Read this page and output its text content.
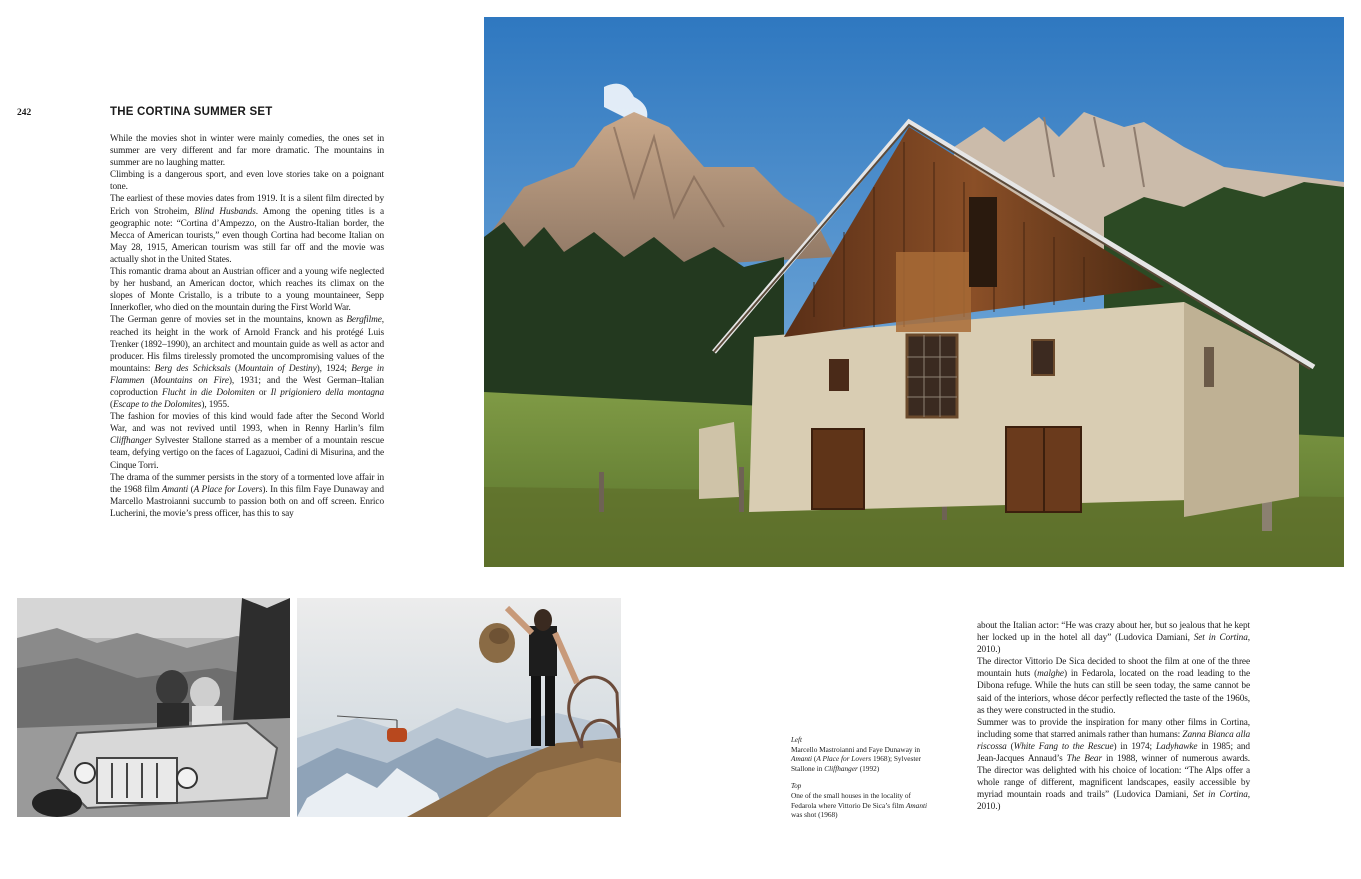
242	THE CORTINA SUMMER SET

While the movies shot in winter were mainly comedies, the ones set in summer are very different and far more dramatic. The mountains in summer are no laughing matter.

Climbing is a dangerous sport, and even love stories take on a poignant tone.

The earliest of these movies dates from 1919. It is a silent film directed by Erich von Stroheim, Blind Husbands. Among the opening titles is a geographic note: “Cortina d’Ampezzo, on the Austro-Italian border, the Mecca of American tourists,” even though Cortina had become Italian on May 28, 1915, American tourism was still far off and the movie was actually shot in the United States.

This romantic drama about an Austrian officer and a young wife neglected by her husband, an American doctor, which reaches its climax on the slopes of Monte Cristallo, is a tribute to a young mountaineer, Sepp Innerkofler, who died on the mountain during the First World War.

The German genre of movies set in the mountains, known as Bergfilme, reached its height in the work of Arnold Franck and his protégé Luis Trenker (1892–1990), an architect and mountain guide as well as actor and producer. His films tirelessly promoted the uncompromising values of the mountains: Berg des Schicksals (Mountain of Destiny), 1924; Berge in Flammen (Mountains on Fire), 1931; and the West German–Italian coproduction Flucht in die Dolomiten or Il prigioniero della montagna (Escape to the Dolomites), 1955.

The fashion for movies of this kind would fade after the Second World War, and was not revived until 1993, when in Renny Harlin’s film Cliffhanger Sylvester Stallone starred as a member of a mountain rescue team, defying vertigo on the faces of Lagazuoi, Cadini di Misurina, and the Cinque Torri.

The drama of the summer persists in the story of a tormented love affair in the 1968 film Amanti (A Place for Lovers). In this film Faye Dunaway and Marcello Mastroianni succumb to passion both on and off screen. Enrico Lucherini, the movie’s press officer, has this to say

Left

Marcello Mastroianni and Faye Dunaway in Amanti (A Place for Lovers 1968); Sylvester Stallone in Cliffhanger (1992)

Top

One of the small houses in the locality of Fedarola where Vittorio De Sica’s film Amanti was shot (1968)

about the Italian actor: “He was crazy about her, but so jealous that he kept her locked up in the hotel all day” (Ludovica Damiani, Set in Cortina, 2010.)

The director Vittorio De Sica decided to shoot the film at one of the three mountain huts (malghe) in Fedarola, located on the road leading to the Dibona refuge. While the huts can still be seen today, the same cannot be said of the interiors, whose décor perfectly reflected the taste of the 1960s, as they were constructed in the studio.

Summer was to provide the inspiration for many other films in Cortina, including some that starred animals rather than humans: Zanna Bianca alla riscossa (White Fang to the Rescue) in 1974; Ladyhawke in 1985; and Jean-Jacques Annaud’s The Bear in 1988, winner of numerous awards. The director was delighted with his choice of location: “The Alps offer a whole range of different, magnificent landscapes, easily accessible by myriad mountain roads and trails” (Ludovica Damiani, Set in Cortina, 2010.)
